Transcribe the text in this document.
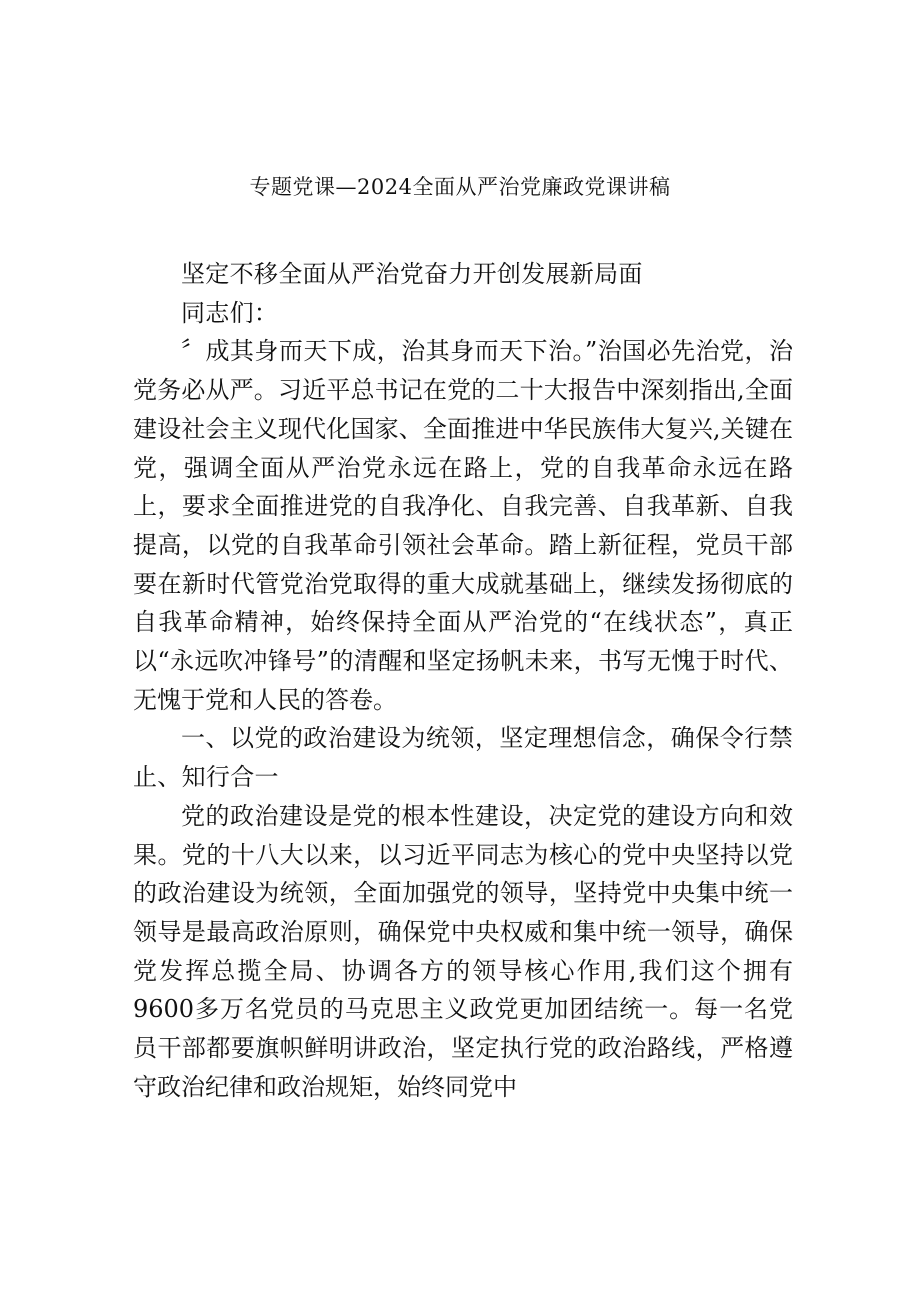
专题党课—2024全面从严治党廉政党课讲稿

坚定不移全面从严治党奋力开创发展新局面

同志们：

〞成其身而天下成，治其身而天下治。”治国必先治党，治党务必从严。习近平总书记在党的二十大报告中深刻指出,全面建设社会主义现代化国家、全面推进中华民族伟大复兴,关键在党，强调全面从严治党永远在路上，党的自我革命永远在路上，要求全面推进党的自我净化、自我完善、自我革新、自我提高，以党的自我革命引领社会革命。踏上新征程，党员干部要在新时代管党治党取得的重大成就基础上，继续发扬彻底的自我革命精神，始终保持全面从严治党的“在线状态”，真正以“永远吹冲锋号”的清醒和坚定扬帆未来，书写无愧于时代、无愧于党和人民的答卷。

一、以党的政治建设为统领，坚定理想信念，确保令行禁止、知行合一

党的政治建设是党的根本性建设，决定党的建设方向和效果。党的十八大以来，以习近平同志为核心的党中央坚持以党的政治建设为统领，全面加强党的领导，坚持党中央集中统一领导是最高政治原则，确保党中央权威和集中统一领导，确保党发挥总揽全局、协调各方的领导核心作用,我们这个拥有9600多万名党员的马克思主义政党更加团结统一。每一名党员干部都要旗帜鲜明讲政治，坚定执行党的政治路线，严格遵守政治纪律和政治规矩，始终同党中
